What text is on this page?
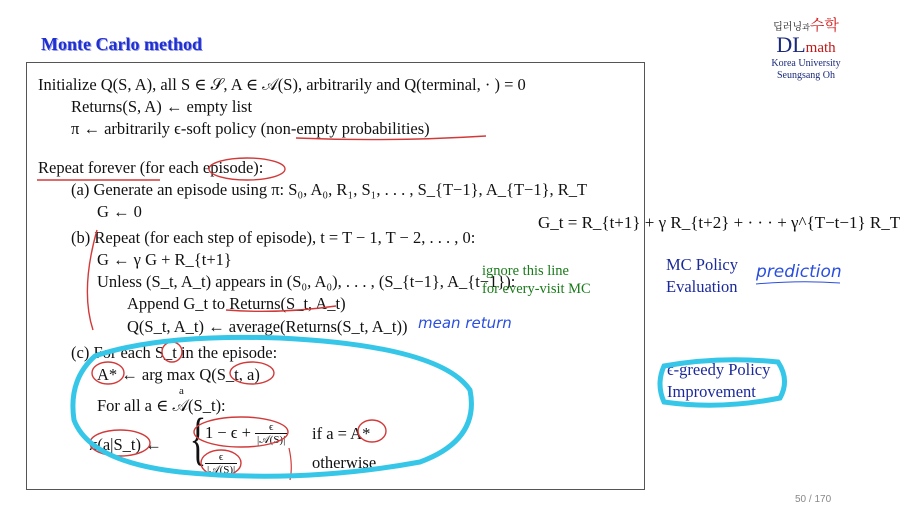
Monte Carlo method
딥러닝과수학
DLmath
Korea University
Seungsang Oh
Initialize Q(S, A), all S ∈ 𝒮, A ∈ 𝒜(S), arbitrarily and Q(terminal, · ) = 0
Returns(S, A) ← empty list
π ← arbitrarily ϵ-soft policy (non-empty probabilities)
Repeat forever (for each episode):
(a) Generate an episode using π: S₀, A₀, R₁, S₁, . . . , S_{T−1}, A_{T−1}, R_T
G ← 0
(b) Repeat (for each step of episode), t = T − 1, T − 2, . . . , 0:
G ← γ G + R_{t+1}
Unless (S_t, A_t) appears in (S₀, A₀), . . . , (S_{t−1}, A_{t−1}):
Append G_t to Returns(S_t, A_t)
Q(S_t, A_t) ← average(Returns(S_t, A_t))
(c) For each S_t in the episode:
A* ← arg max Q(S_t, a)
a
For all a ∈ 𝒜(S_t):
π(a|S_t) ←
$1 - \epsilon + \frac{\epsilon}{\text{|𝒜(S)|}}$ if a = A*
$\frac{\epsilon}{\text{|𝒜(S)|}}$	otherwise
{
G_t = R_{t+1} + γ R_{t+2} + · · · + γ^{T−t−1} R_T
ignore this line
for every-visit MC
MC Policy
Evaluation
ϵ-greedy Policy
Improvement
prediction
mean return
50 / 170
